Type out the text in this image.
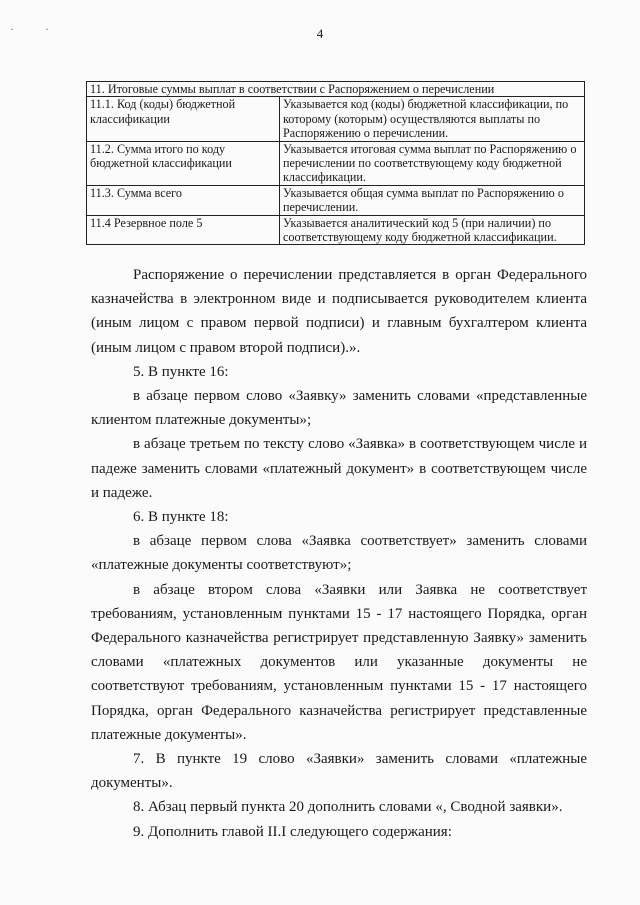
· ·	4
11. Итоговые суммы выплат в соответствии с Распоряжением о перечислении	
11.1. Код (коды) бюджетной классификации	Указывается код (коды) бюджетной классификации, по которому (которым) осуществляются выплаты по Распоряжению о перечислении.
11.2. Сумма итого по коду бюджетной классификации	Указывается итоговая сумма выплат по Распоряжению о перечислении по соответствующему коду бюджетной классификации.
11.3. Сумма всего	Указывается общая сумма выплат по Распоряжению о перечислении.
11.4 Резервное поле 5	Указывается аналитический код 5 (при наличии) по соответствующему коду бюджетной классификации.

Распоряжение о перечислении представляется в орган Федерального казначейства в электронном виде и подписывается руководителем клиента (иным лицом с правом первой подписи) и главным бухгалтером клиента (иным лицом с правом второй подписи).».

5. В пункте 16:

в абзаце первом слово «Заявку» заменить словами «представленные клиентом платежные документы»;

в абзаце третьем по тексту слово «Заявка» в соответствующем числе и падеже заменить словами «платежный документ» в соответствующем числе и падеже.

6. В пункте 18:

в абзаце первом слова «Заявка соответствует» заменить словами «платежные документы соответствуют»;

в абзаце втором слова «Заявки или Заявка не соответствует требованиям, установленным пунктами 15 - 17 настоящего Порядка, орган Федерального казначейства регистрирует представленную Заявку» заменить словами «платежных документов или указанные документы не соответствуют требованиям, установленным пунктами 15 - 17 настоящего Порядка, орган Федерального казначейства регистрирует представленные платежные документы».

7. В пункте 19 слово «Заявки» заменить словами «платежные документы».

8. Абзац первый пункта 20 дополнить словами «, Сводной заявки».

9. Дополнить главой II.I следующего содержания:
